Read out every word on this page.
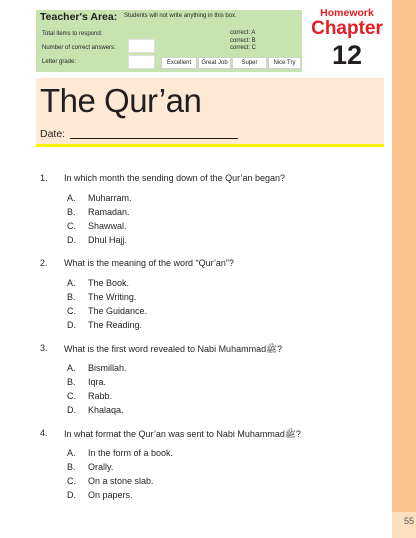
55
Teacher's Area: Students will not write anything in this box.
Total items to respond:
Number of correct answers:
Letter grade:
correct: A
correct: B
correct: C
Excellent	Great Job	Super	Nice Try
Homework
Chapter
12
The Qur’an
Date:
1. In which month the sending down of the Qur’an began?
A. Muharram.
B. Ramadan.
C. Shawwal.
D. Dhul Hajj.
2. What is the meaning of the word “Qur’an”?
A. The Book.
B. The Writing.
C. The Guidance.
D. The Reading.
3. What is the first word revealed to Nabi Muhammadﷺ?
A. Bismillah.
B. Iqra.
C. Rabb.
D. Khalaqa.
4. In what format the Qur’an was sent to Nabi Muhammadﷺ?
A. In the form of a book.
B. Orally.
C. On a stone slab.
D. On papers.
